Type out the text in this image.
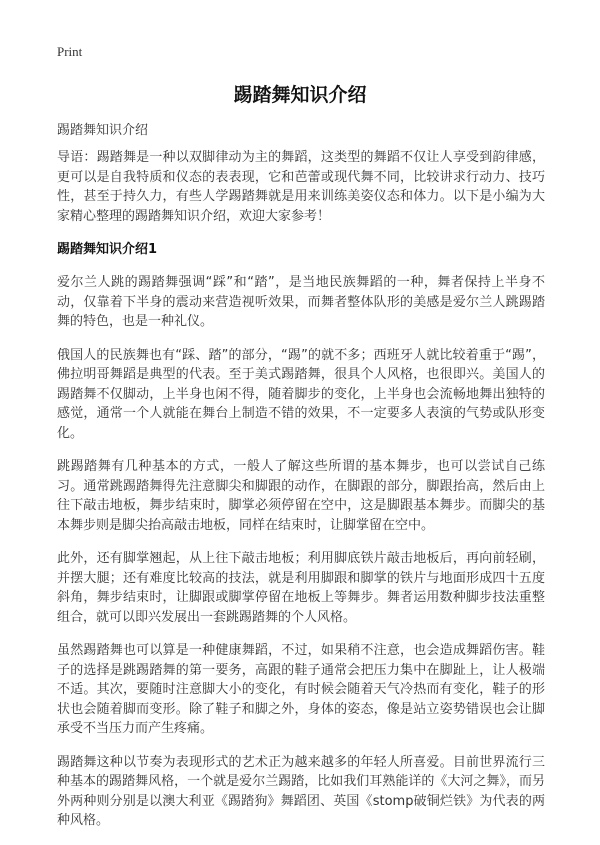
Print
踢踏舞知识介绍
踢踏舞知识介绍

导语：踢踏舞是一种以双脚律动为主的舞蹈，这类型的舞蹈不仅让人享受到韵律感，更可以是自我特质和仪态的表表现，它和芭蕾或现代舞不同，比较讲求行动力、技巧性，甚至于持久力，有些人学踢踏舞就是用来训练美姿仪态和体力。以下是小编为大家精心整理的踢踏舞知识介绍，欢迎大家参考！

踢踏舞知识介绍1

爱尔兰人跳的踢踏舞强调“踩”和“踏”，是当地民族舞蹈的一种，舞者保持上半身不动，仅靠着下半身的震动来营造视听效果，而舞者整体队形的美感是爱尔兰人跳踢踏舞的特色，也是一种礼仪。

俄国人的民族舞也有“踩、踏”的部分，“踢”的就不多；西班牙人就比较着重于“踢”，佛拉明哥舞蹈是典型的代表。至于美式踢踏舞，很具个人风格，也很即兴。美国人的踢踏舞不仅脚动，上半身也闲不得，随着脚步的变化，上半身也会流畅地舞出独特的感觉，通常一个人就能在舞台上制造不错的效果，不一定要多人表演的气势或队形变化。

跳踢踏舞有几种基本的方式，一般人了解这些所谓的基本舞步，也可以尝试自己练习。通常跳踢踏舞得先注意脚尖和脚跟的动作，在脚跟的部分，脚跟抬高，然后由上往下敲击地板，舞步结束时，脚掌必须停留在空中，这是脚跟基本舞步。而脚尖的基本舞步则是脚尖抬高敲击地板，同样在结束时，让脚掌留在空中。

此外，还有脚掌翘起，从上往下敲击地板；利用脚底铁片敲击地板后，再向前轻刷，并摆大腿；还有难度比较高的技法，就是利用脚跟和脚掌的铁片与地面形成四十五度斜角，舞步结束时，让脚跟或脚掌停留在地板上等舞步。舞者运用数种脚步技法重整组合，就可以即兴发展出一套跳踢踏舞的个人风格。

虽然踢踏舞也可以算是一种健康舞蹈，不过，如果稍不注意，也会造成舞蹈伤害。鞋子的选择是跳踢踏舞的第一要务，高跟的鞋子通常会把压力集中在脚趾上，让人极端不适。其次，要随时注意脚大小的变化，有时候会随着天气冷热而有变化，鞋子的形状也会随着脚而变形。除了鞋子和脚之外，身体的姿态，像是站立姿势错误也会让脚承受不当压力而产生疼痛。

踢踏舞这种以节奏为表现形式的艺术正为越来越多的年轻人所喜爱。目前世界流行三种基本的踢踏舞风格，一个就是爱尔兰踢踏，比如我们耳熟能详的《大河之舞》，而另外两种则分别是以澳大利亚《踢踏狗》舞蹈团、英国《stomp破铜烂铁》为代表的两种风格。
